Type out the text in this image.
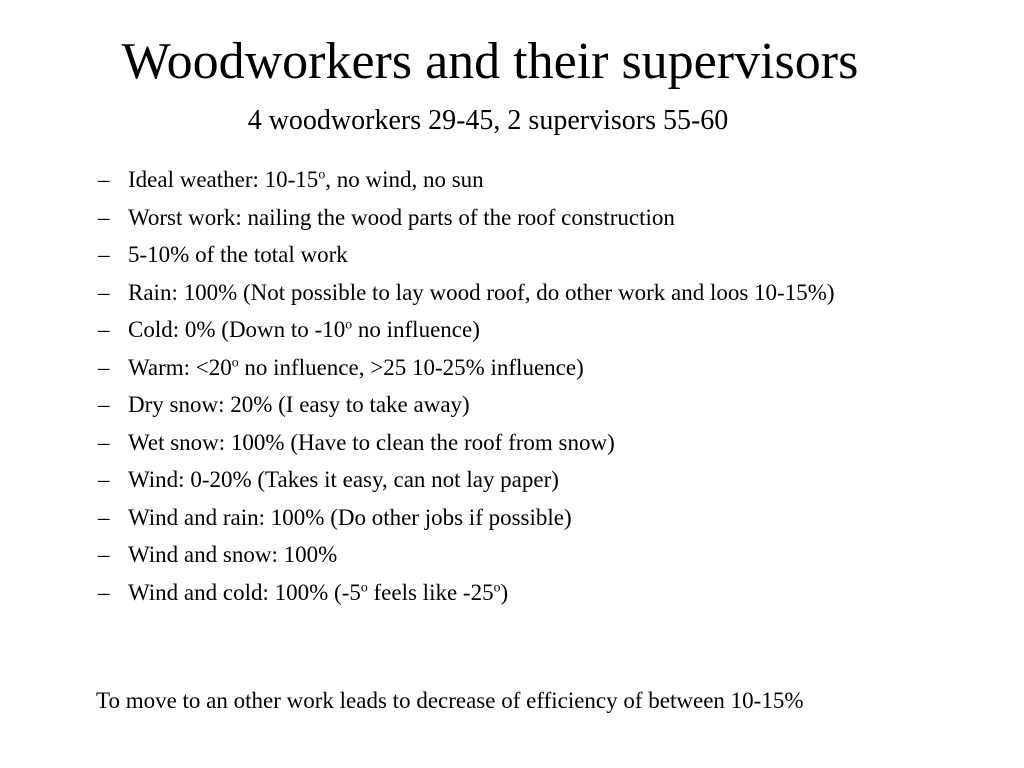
Woodworkers and their supervisors
4 woodworkers 29-45, 2 supervisors 55-60
– Ideal weather: 10-15$^o$, no wind, no sun
– Worst work: nailing the wood parts of the roof construction
– 5-10% of the total work
– Rain: 100% (Not possible to lay wood roof, do other work and loos 10-15%)
– Cold: 0% (Down to -10$^o$ no influence)
– Warm: $<20^o$ no influence, >25 10-25% influence)
– Dry snow: 20% (I easy to take away)
– Wet snow: 100% (Have to clean the roof from snow)
– Wind: 0-20% (Takes it easy, can not lay paper)
– Wind and rain: 100% (Do other jobs if possible)
– Wind and snow: 100%
– Wind and cold: 100% (-5$^o$ feels like -25$^o$)
To move to an other work leads to decrease of efficiency of between 10-15%
